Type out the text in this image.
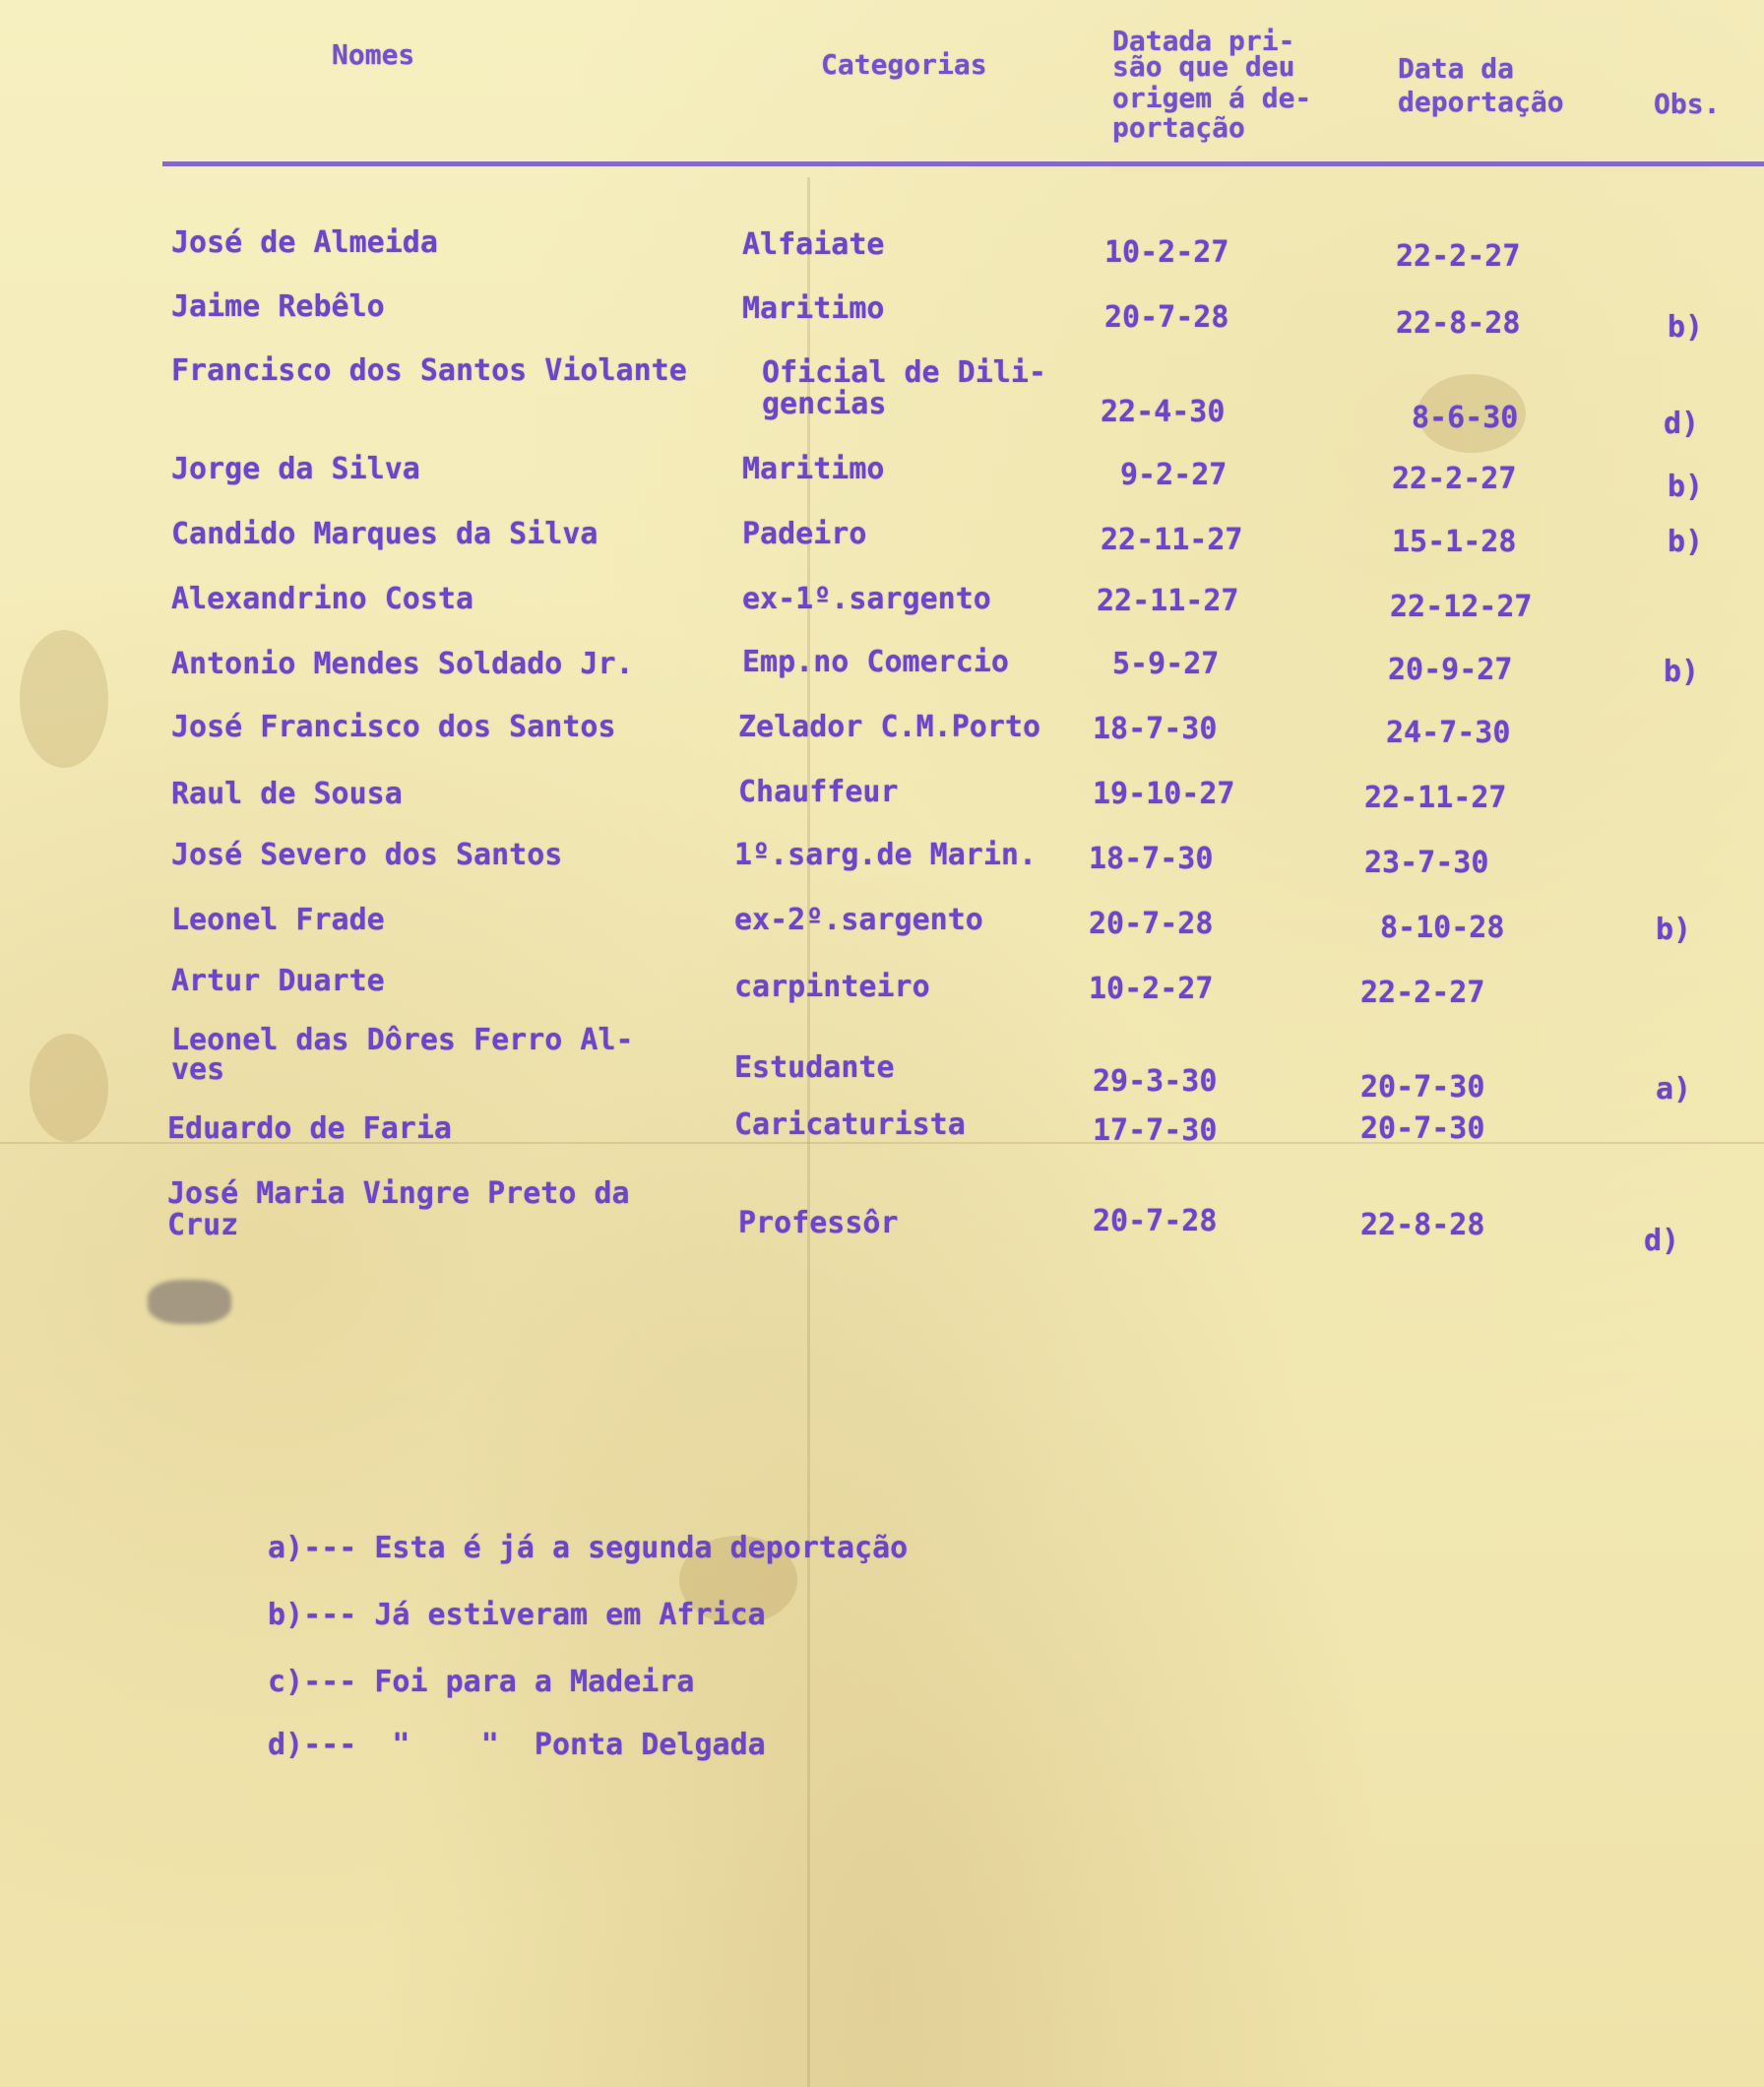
Nomes	Categorias
Datada pri-
são que deu
origem á de-
portação
Data da
deportação	Obs.
José de Almeida	Alfaiate	10-2-27	22-2-27
Jaime Rebêlo	Maritimo	20-7-28	22-8-28	b)
Francisco dos Santos Violante	Oficial de Dili-
gencias	22-4-30	8-6-30	d)
Jorge da Silva	Maritimo	9-2-27	22-2-27	b)
Candido Marques da Silva	Padeiro	22-11-27	15-1-28	b)
Alexandrino Costa	ex-1º.sargento	22-11-27	22-12-27
Antonio Mendes Soldado Jr.	Emp.no Comercio	5-9-27	20-9-27	b)
José Francisco dos Santos	Zelador C.M.Porto 18-7-30	24-7-30
Raul de Sousa	Chauffeur	19-10-27	22-11-27
José Severo dos Santos	1º.sarg.de Marin. 18-7-30	23-7-30
Leonel Frade	ex-2º.sargento	20-7-28	8-10-28	b)
Artur Duarte	carpinteiro	10-2-27	22-2-27
Leonel das Dôres Ferro Al-
ves	Estudante	29-3-30	20-7-30	a)
Eduardo de Faria	Caricaturista	17-7-30	20-7-30
José Maria Vingre Preto da
Cruz	Professôr	20-7-28	22-8-28	d)
a)--- Esta é já a segunda deportação
b)--- Já estiveram em Africa
c)--- Foi para a Madeira
d)---  "    "  Ponta Delgada
